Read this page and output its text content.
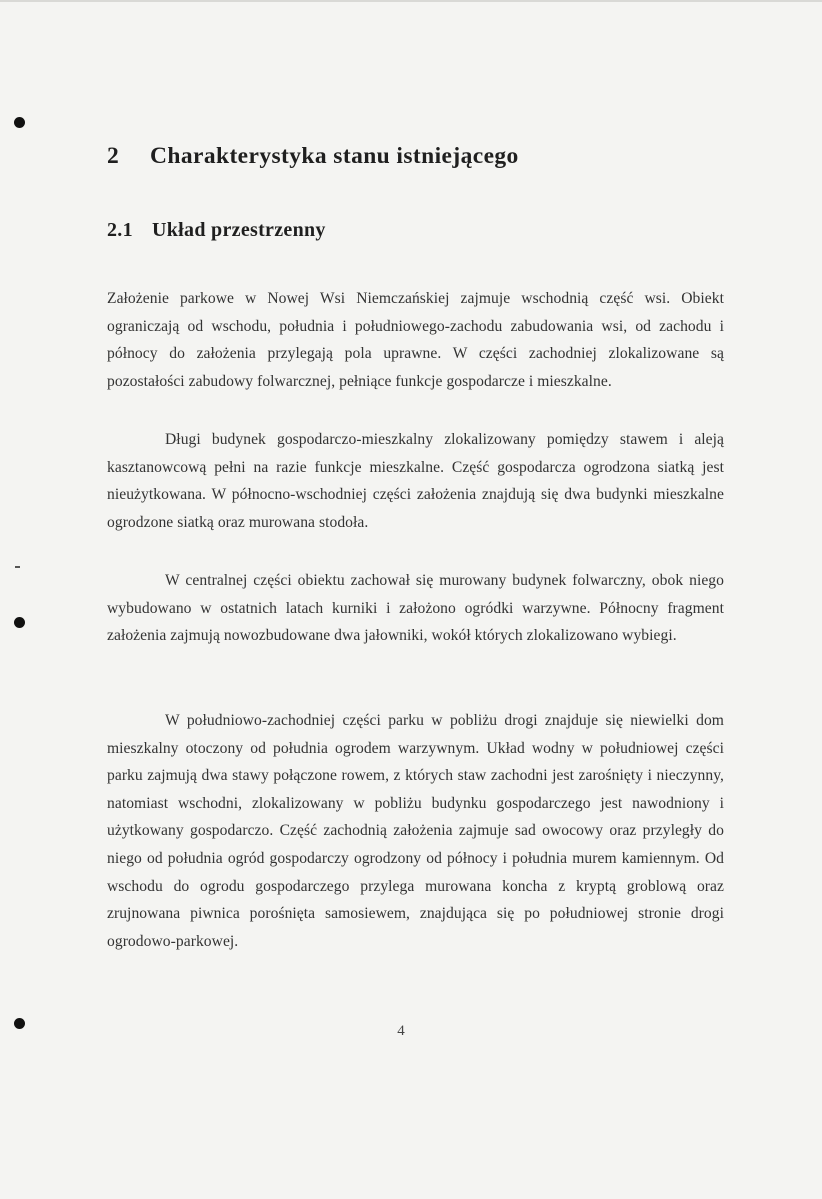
2 Charakterystyka stanu istniejącego
2.1 Układ przestrzenny

Założenie parkowe w Nowej Wsi Niemczańskiej zajmuje wschodnią część wsi. Obiekt ograniczają od wschodu, południa i południowego-zachodu zabudowania wsi, od zachodu i północy do założenia przylegają pola uprawne. W części zachodniej zlokalizowane są pozostałości zabudowy folwarcznej, pełniące funkcje gospodarcze i mieszkalne.

Długi budynek gospodarczo-mieszkalny zlokalizowany pomiędzy stawem i aleją kasztanowcową pełni na razie funkcje mieszkalne. Część gospodarcza ogrodzona siatką jest nieużytkowana. W północno-wschodniej części założenia znajdują się dwa budynki mieszkalne ogrodzone siatką oraz murowana stodoła.

W centralnej części obiektu zachował się murowany budynek folwarczny, obok niego wybudowano w ostatnich latach kurniki i założono ogródki warzywne. Północny fragment założenia zajmują nowozbudowane dwa jałowniki, wokół których zlokalizowano wybiegi.

W południowo-zachodniej części parku w pobliżu drogi znajduje się niewielki dom mieszkalny otoczony od południa ogrodem warzywnym. Układ wodny w południowej części parku zajmują dwa stawy połączone rowem, z których staw zachodni jest zarośnięty i nieczynny, natomiast wschodni, zlokalizowany w pobliżu budynku gospodarczego jest nawodniony i użytkowany gospodarczo. Część zachodnią założenia zajmuje sad owocowy oraz przyległy do niego od południa ogród gospodarczy ogrodzony od północy i południa murem kamiennym. Od wschodu do ogrodu gospodarczego przylega murowana koncha z kryptą groblową oraz zrujnowana piwnica porośnięta samosiewem, znajdująca się po południowej stronie drogi ogrodowo-parkowej.

4
